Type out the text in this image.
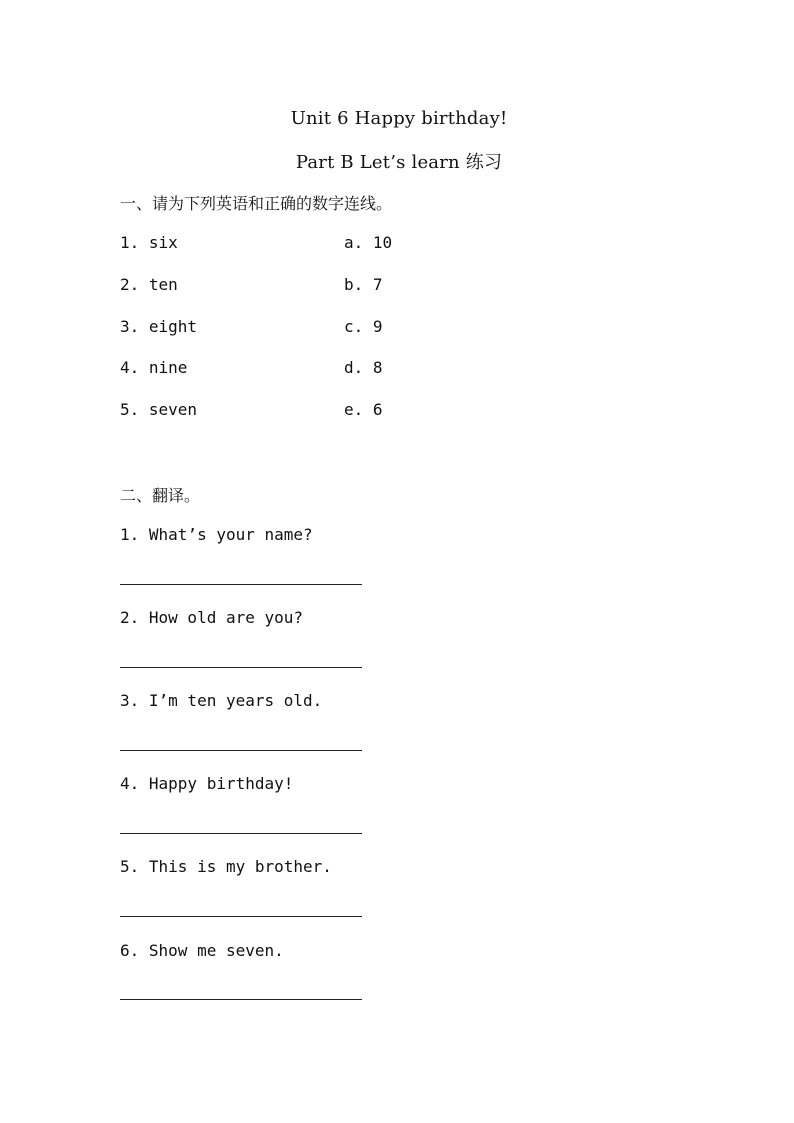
Unit 6 Happy birthday!
Part B Let’s learn 练习
一、请为下列英语和正确的数字连线。
1. six	a. 10
2. ten	b. 7
3. eight	c. 9
4. nine	d. 8
5. seven	e. 6
二、翻译。
1. What’s your name?
2. How old are you?
3. I’m ten years old.
4. Happy birthday!
5. This is my brother.
6. Show me seven.
